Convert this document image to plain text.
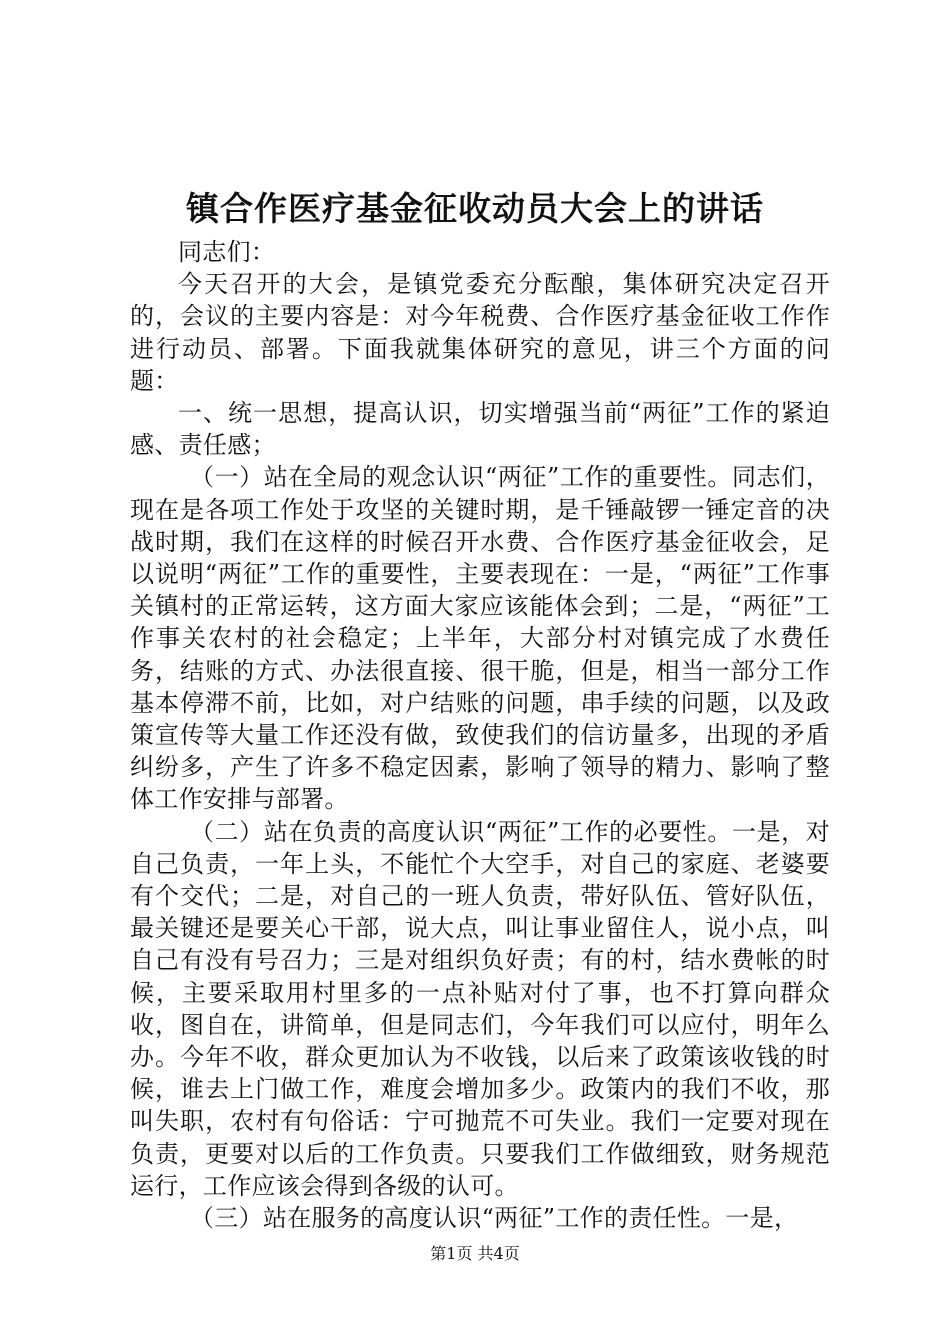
镇合作医疗基金征收动员大会上的讲话

同志们：

今天召开的大会，是镇党委充分酝酿，集体研究决定召开的，会议的主要内容是：对今年税费、合作医疗基金征收工作作进行动员、部署。下面我就集体研究的意见，讲三个方面的问题：

一、统一思想，提高认识，切实增强当前“两征”工作的紧迫感、责任感；

（一）站在全局的观念认识“两征”工作的重要性。同志们，现在是各项工作处于攻坚的关键时期，是千锤敲锣一锤定音的决战时期，我们在这样的时候召开水费、合作医疗基金征收会，足以说明“两征”工作的重要性，主要表现在：一是，“两征”工作事关镇村的正常运转，这方面大家应该能体会到；二是，“两征”工作事关农村的社会稳定；上半年，大部分村对镇完成了水费任务，结账的方式、办法很直接、很干脆，但是，相当一部分工作基本停滞不前，比如，对户结账的问题，串手续的问题，以及政策宣传等大量工作还没有做，致使我们的信访量多，出现的矛盾纠纷多，产生了许多不稳定因素，影响了领导的精力、影响了整体工作安排与部署。

（二）站在负责的高度认识“两征”工作的必要性。一是，对自己负责，一年上头，不能忙个大空手，对自己的家庭、老婆要有个交代；二是，对自己的一班人负责，带好队伍、管好队伍，最关键还是要关心干部，说大点，叫让事业留住人，说小点，叫自己有没有号召力；三是对组织负好责；有的村，结水费帐的时候，主要采取用村里多的一点补贴对付了事，也不打算向群众收，图自在，讲简单，但是同志们，今年我们可以应付，明年么办。今年不收，群众更加认为不收钱，以后来了政策该收钱的时候，谁去上门做工作，难度会增加多少。政策内的我们不收，那叫失职，农村有句俗话：宁可抛荒不可失业。我们一定要对现在负责，更要对以后的工作负责。只要我们工作做细致，财务规范运行，工作应该会得到各级的认可。

（三）站在服务的高度认识“两征”工作的责任性。一是，

第1页 共4页
